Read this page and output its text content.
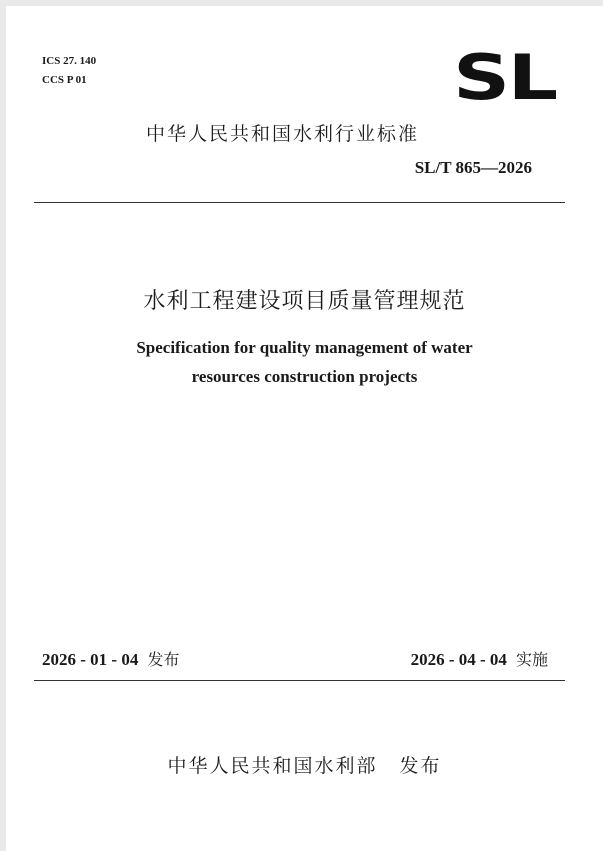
ICS 27. 140
CCS P 01	SL
中华人民共和国水利行业标准
SL/T 865—2026
水利工程建设项目质量管理规范
Specification for quality management of water
resources construction projects
2026 - 01 - 04 发布	2026 - 04 - 04 实施
中华人民共和国水利部 发布
